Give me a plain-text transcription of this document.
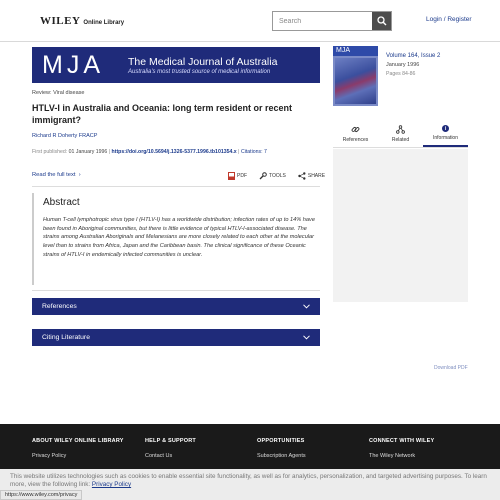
WILEY Online Library
Search	Login / Register
MJA	The Medical Journal of Australia
Australia's most trusted source of medical information
Review: Viral disease
HTLV-I in Australia and Oceania: long term resident or recent immigrant?
Richard R Doherty FRACP
First published: 01 January 1996 | https://doi.org/10.5694/j.1326-5377.1996.tb101354.x | Citations: 7
Read the full text  ›	PDF	TOOLS	SHARE
Abstract

Human T-cell lymphotropic virus type I (HTLV-I) has a worldwide distribution; infection rates of up to 14% have been found in Aboriginal communities, but there is little evidence of typical HTLV-I-associated disease. The strains among Australian Aboriginals and Melanesians are more closely related to each other at the molecular level than to strains from Africa, Japan and the Caribbean basin. The clinical significance of these Oceanic strains of HTLV-I in endemically infected communities is unclear.

References
Citing Literature
MJA
Volume 164, Issue 2
January 1996
Pages 84-86
References	Related
i
Information
Download PDF
ABOUT WILEY ONLINE LIBRARY
Privacy Policy
HELP & SUPPORT
Contact Us
OPPORTUNITIES
Subscription Agents
CONNECT WITH WILEY
The Wiley Network
This website utilizes technologies such as cookies to enable essential site functionality, as well as for analytics, personalization, and targeted advertising purposes. To learn more, view the following link: Privacy Policy
https://www.wiley.com/privacy
